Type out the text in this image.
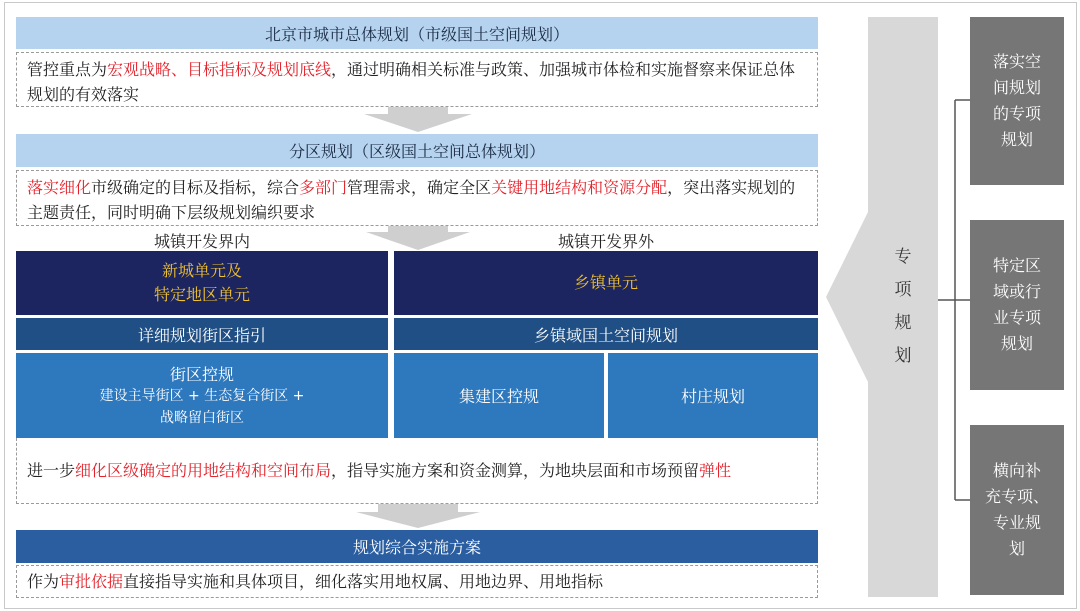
北京市城市总体规划（市级国土空间规划）
管控重点为宏观战略、目标指标及规划底线，通过明确相关标准与政策、加强城市体检和实施督察来保证总体规划的有效落实
分区规划（区级国土空间总体规划）
落实细化市级确定的目标及指标，综合多部门管理需求，确定全区关键用地结构和资源分配，突出落实规划的主题责任，同时明确下层级规划编织要求
城镇开发界内	城镇开发界外
新城单元及
特定地区单元
乡镇单元
详细规划街区指引	乡镇域国土空间规划
街区控规
建设主导街区 + 生态复合街区 +
战略留白街区
集建区控规	村庄规划
进一步细化区级确定的用地结构和空间布局，指导实施方案和资金测算，为地块层面和市场预留弹性
规划综合实施方案
作为审批依据直接指导实施和具体项目，细化落实用地权属、用地边界、用地指标
专
项
规
划
落实空
间规划
的专项
规划
特定区
域或行
业专项
规划
横向补
充专项、
专业规
划
